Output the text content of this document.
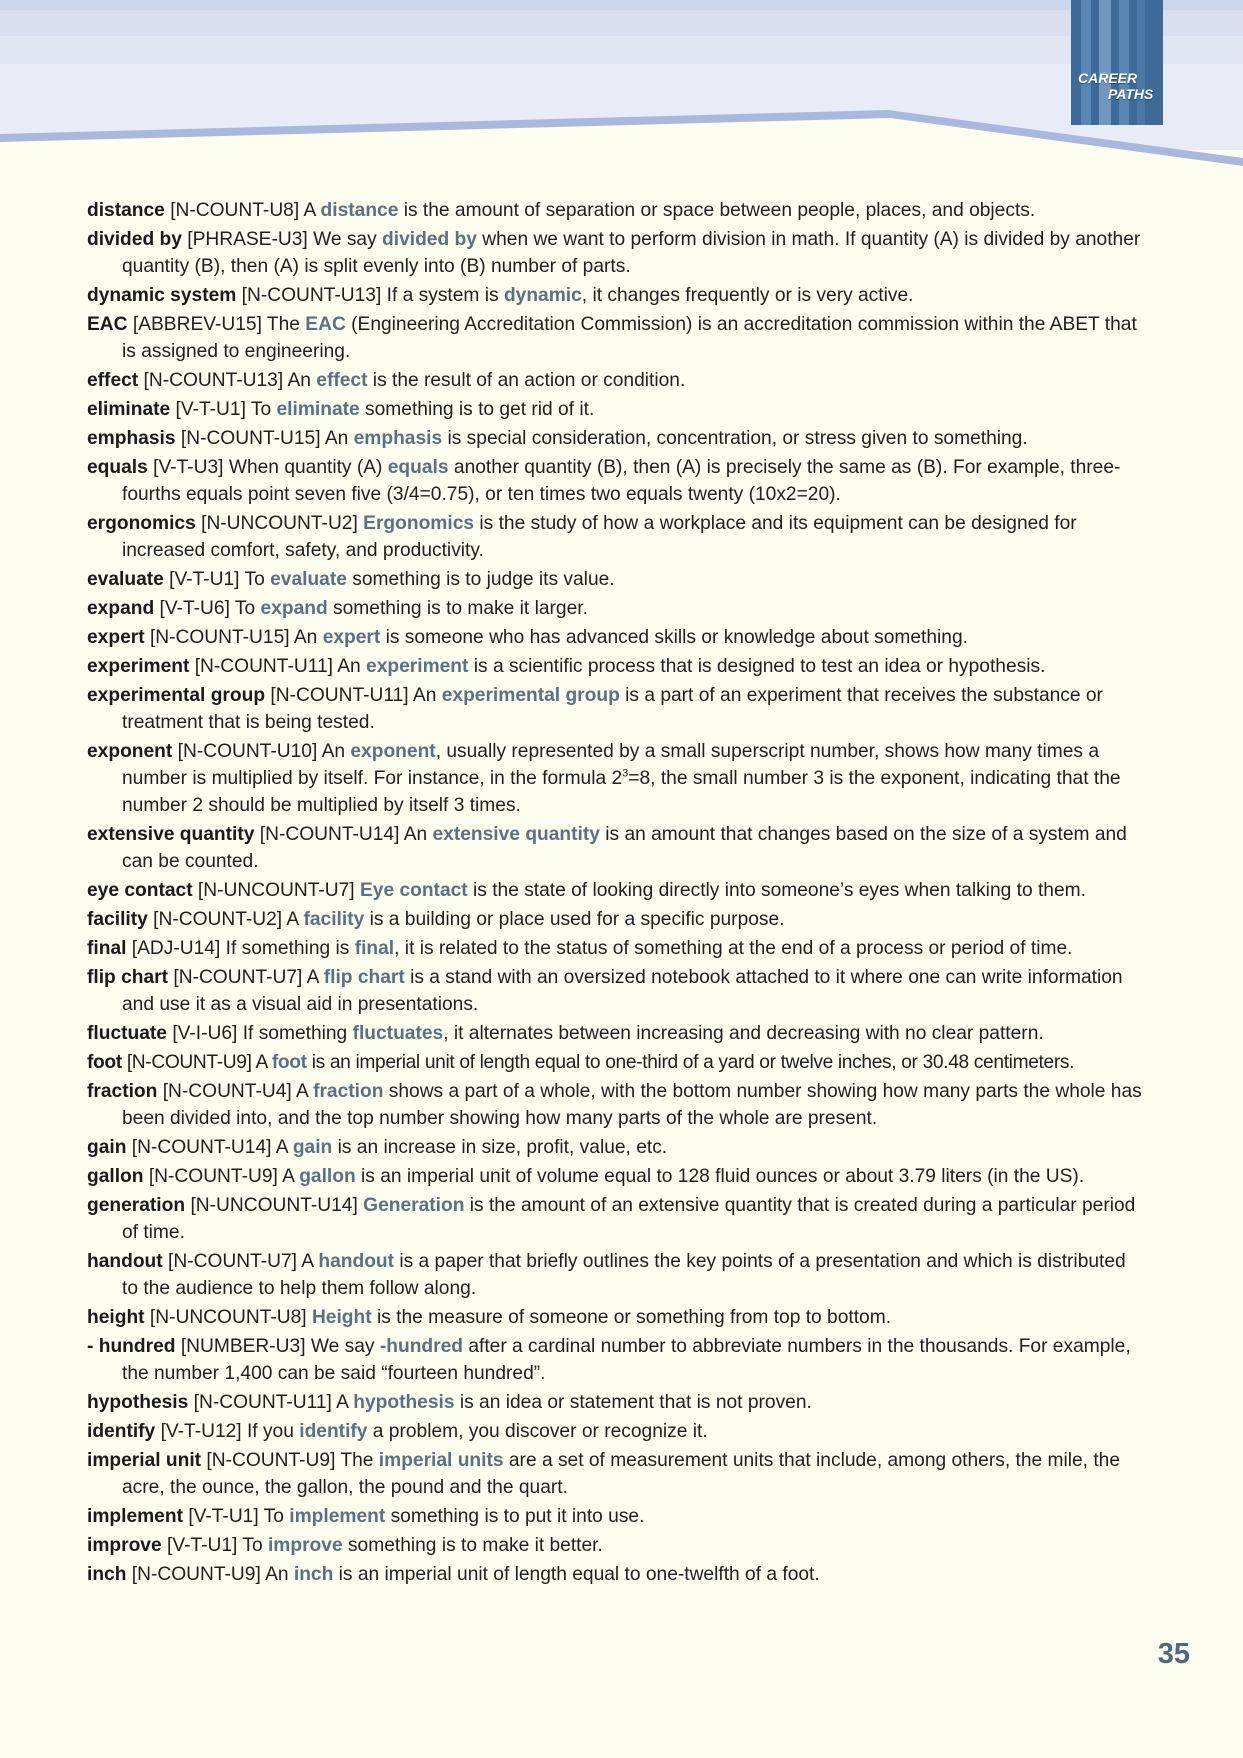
CAREER
PATHS

distance [N-COUNT-U8] A distance is the amount of separation or space between people, places, and objects.

divided by [PHRASE-U3] We say divided by when we want to perform division in math. If quantity (A) is divided by another quantity (B), then (A) is split evenly into (B) number of parts.

dynamic system [N-COUNT-U13] If a system is dynamic, it changes frequently or is very active.

EAC [ABBREV-U15] The EAC (Engineering Accreditation Commission) is an accreditation commission within the ABET that is assigned to engineering.

effect [N-COUNT-U13] An effect is the result of an action or condition.

eliminate [V-T-U1] To eliminate something is to get rid of it.

emphasis [N-COUNT-U15] An emphasis is special consideration, concentration, or stress given to something.

equals [V-T-U3] When quantity (A) equals another quantity (B), then (A) is precisely the same as (B). For example, three-fourths equals point seven five (3/4=0.75), or ten times two equals twenty (10x2=20).

ergonomics [N-UNCOUNT-U2] Ergonomics is the study of how a workplace and its equipment can be designed for increased comfort, safety, and productivity.

evaluate [V-T-U1] To evaluate something is to judge its value.

expand [V-T-U6] To expand something is to make it larger.

expert [N-COUNT-U15] An expert is someone who has advanced skills or knowledge about something.

experiment [N-COUNT-U11] An experiment is a scientific process that is designed to test an idea or hypothesis.

experimental group [N-COUNT-U11] An experimental group is a part of an experiment that receives the substance or treatment that is being tested.

exponent [N-COUNT-U10] An exponent, usually represented by a small superscript number, shows how many times a number is multiplied by itself. For instance, in the formula $2^3=8$, the small number 3 is the exponent, indicating that the number 2 should be multiplied by itself 3 times.

extensive quantity [N-COUNT-U14] An extensive quantity is an amount that changes based on the size of a system and can be counted.

eye contact [N-UNCOUNT-U7] Eye contact is the state of looking directly into someone’s eyes when talking to them.

facility [N-COUNT-U2] A facility is a building or place used for a specific purpose.

final [ADJ-U14] If something is final, it is related to the status of something at the end of a process or period of time.

flip chart [N-COUNT-U7] A flip chart is a stand with an oversized notebook attached to it where one can write information and use it as a visual aid in presentations.

fluctuate [V-I-U6] If something fluctuates, it alternates between increasing and decreasing with no clear pattern.

foot [N-COUNT-U9] A foot is an imperial unit of length equal to one-third of a yard or twelve inches, or 30.48 centimeters.

fraction [N-COUNT-U4] A fraction shows a part of a whole, with the bottom number showing how many parts the whole has been divided into, and the top number showing how many parts of the whole are present.

gain [N-COUNT-U14] A gain is an increase in size, profit, value, etc.

gallon [N-COUNT-U9] A gallon is an imperial unit of volume equal to 128 fluid ounces or about 3.79 liters (in the US).

generation [N-UNCOUNT-U14] Generation is the amount of an extensive quantity that is created during a particular period of time.

handout [N-COUNT-U7] A handout is a paper that briefly outlines the key points of a presentation and which is distributed to the audience to help them follow along.

height [N-UNCOUNT-U8] Height is the measure of someone or something from top to bottom.

- hundred [NUMBER-U3] We say -hundred after a cardinal number to abbreviate numbers in the thousands. For example, the number 1,400 can be said “fourteen hundred”.

hypothesis [N-COUNT-U11] A hypothesis is an idea or statement that is not proven.

identify [V-T-U12] If you identify a problem, you discover or recognize it.

imperial unit [N-COUNT-U9] The imperial units are a set of measurement units that include, among others, the mile, the acre, the ounce, the gallon, the pound and the quart.

implement [V-T-U1] To implement something is to put it into use.

improve [V-T-U1] To improve something is to make it better.

inch [N-COUNT-U9] An inch is an imperial unit of length equal to one-twelfth of a foot.

35
